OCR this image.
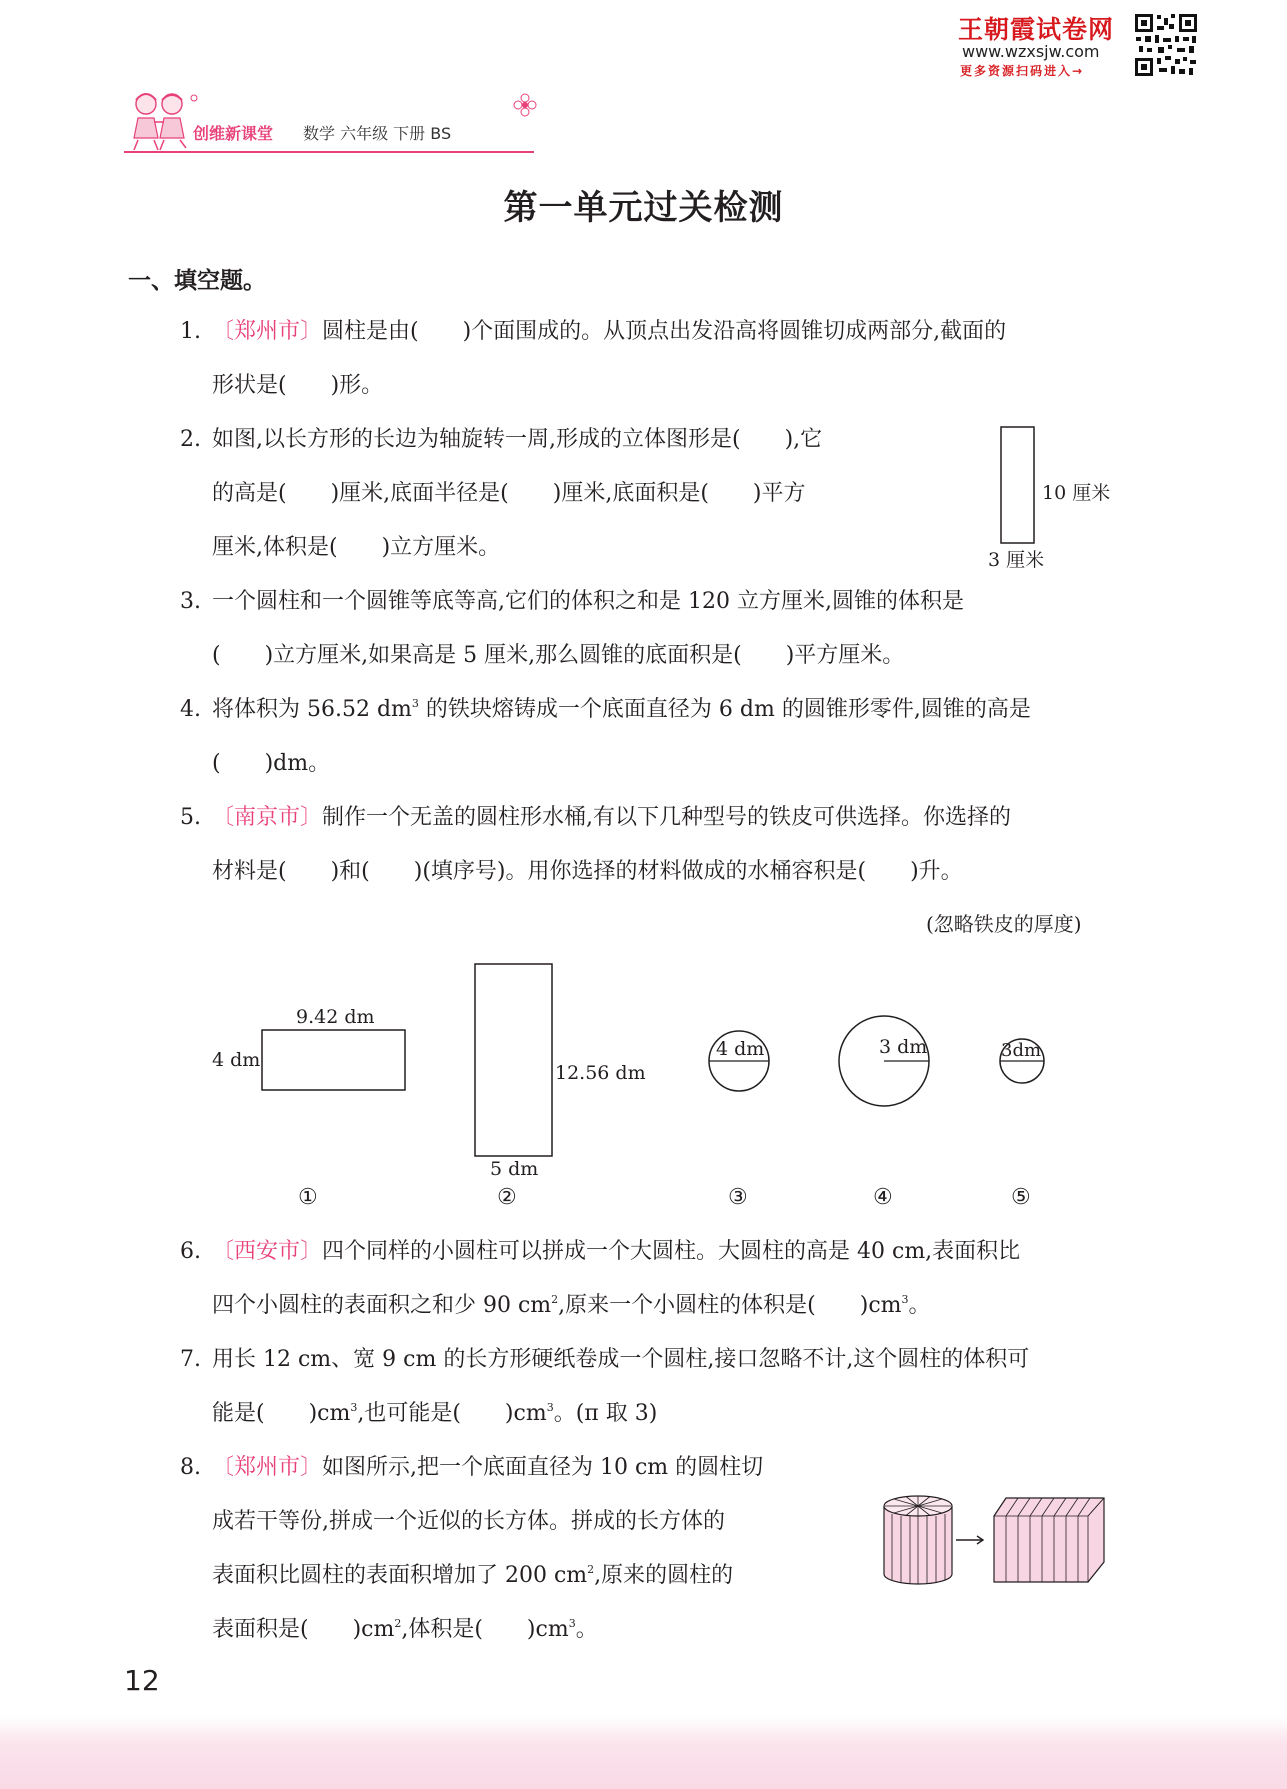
王朝霞试卷网
www.wzxsjw.com
更多资源扫码进入→
创维新课堂 数学 六年级 下册 BS
第一单元过关检测
一、填空题。
1. 〔郑州市〕圆柱是由(　　)个面围成的。从顶点出发沿高将圆锥切成两部分,截面的
形状是(　　)形。
2. 如图,以长方形的长边为轴旋转一周,形成的立体图形是(　　),它
的高是(　　)厘米,底面半径是(　　)厘米,底面积是(　　)平方
厘米,体积是(　　)立方厘米。
10 厘米
3 厘米
3. 一个圆柱和一个圆锥等底等高,它们的体积之和是 120 立方厘米,圆锥的体积是
(　　)立方厘米,如果高是 5 厘米,那么圆锥的底面积是(　　)平方厘米。
4. 将体积为 56.52 $dm^3$ 的铁块熔铸成一个底面直径为 6 dm 的圆锥形零件,圆锥的高是
(　　)dm。
5. 〔南京市〕制作一个无盖的圆柱形水桶,有以下几种型号的铁皮可供选择。你选择的
材料是(　　)和(　　)(填序号)。用你选择的材料做成的水桶容积是(　　)升。
(忽略铁皮的厚度)
9.42 dm
4 dm
12.56 dm
5 dm
4 dm	3 dm	3dm
①	②	③	④	⑤
6. 〔西安市〕四个同样的小圆柱可以拼成一个大圆柱。大圆柱的高是 40 cm,表面积比
四个小圆柱的表面积之和少 90 $cm^2$,原来一个小圆柱的体积是(　　)$cm^3$。
7. 用长 12 cm、宽 9 cm 的长方形硬纸卷成一个圆柱,接口忽略不计,这个圆柱的体积可
能是(　　)$cm^3$,也可能是(　　)$cm^3$。(π 取 3)
8. 〔郑州市〕如图所示,把一个底面直径为 10 cm 的圆柱切
成若干等份,拼成一个近似的长方体。拼成的长方体的
表面积比圆柱的表面积增加了 200 $cm^2$,原来的圆柱的
表面积是(　　)$cm^2$,体积是(　　)$cm^3$。
12
